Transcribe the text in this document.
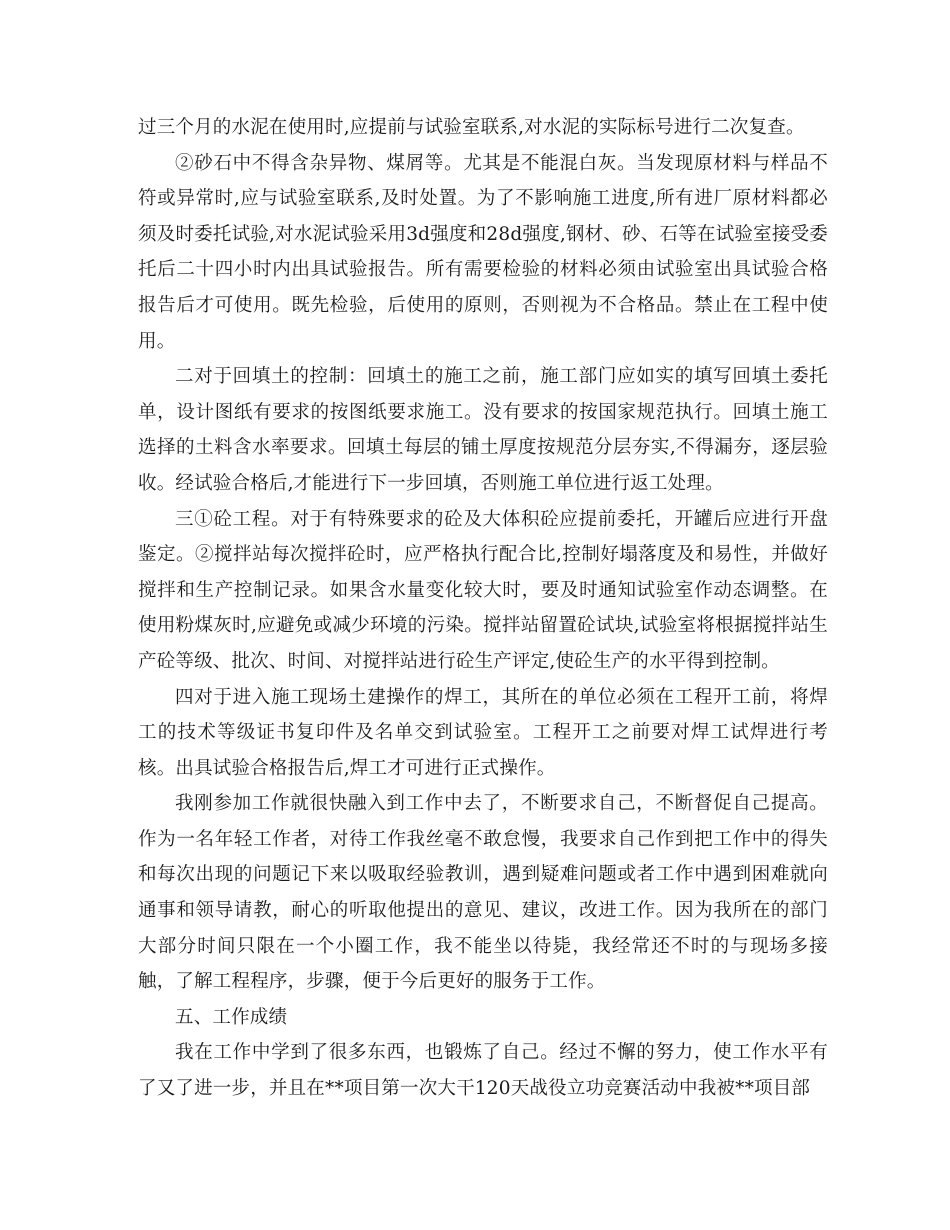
过三个月的水泥在使用时,应提前与试验室联系,对水泥的实际标号进行二次复查。

②砂石中不得含杂异物、煤屑等。尤其是不能混白灰。当发现原材料与样品不符或异常时,应与试验室联系,及时处置。为了不影响施工进度,所有进厂原材料都必须及时委托试验,对水泥试验采用3d强度和28d强度,钢材、砂、石等在试验室接受委托后二十四小时内出具试验报告。所有需要检验的材料必须由试验室出具试验合格报告后才可使用。既先检验，后使用的原则，否则视为不合格品。禁止在工程中使用。

二对于回填土的控制：回填土的施工之前，施工部门应如实的填写回填土委托单，设计图纸有要求的按图纸要求施工。没有要求的按国家规范执行。回填土施工选择的土料含水率要求。回填土每层的铺土厚度按规范分层夯实,不得漏夯，逐层验收。经试验合格后,才能进行下一步回填，否则施工单位进行返工处理。

三①砼工程。对于有特殊要求的砼及大体积砼应提前委托，开罐后应进行开盘鉴定。②搅拌站每次搅拌砼时，应严格执行配合比,控制好塌落度及和易性，并做好搅拌和生产控制记录。如果含水量变化较大时，要及时通知试验室作动态调整。在使用粉煤灰时,应避免或减少环境的污染。搅拌站留置砼试块,试验室将根据搅拌站生产砼等级、批次、时间、对搅拌站进行砼生产评定,使砼生产的水平得到控制。

四对于进入施工现场土建操作的焊工，其所在的单位必须在工程开工前，将焊工的技术等级证书复印件及名单交到试验室。工程开工之前要对焊工试焊进行考核。出具试验合格报告后,焊工才可进行正式操作。

我刚参加工作就很快融入到工作中去了，不断要求自己，不断督促自己提高。作为一名年轻工作者，对待工作我丝毫不敢怠慢，我要求自己作到把工作中的得失和每次出现的问题记下来以吸取经验教训，遇到疑难问题或者工作中遇到困难就向通事和领导请教，耐心的听取他提出的意见、建议，改进工作。因为我所在的部门大部分时间只限在一个小圈工作，我不能坐以待毙，我经常还不时的与现场多接触，了解工程程序，步骤，便于今后更好的服务于工作。

五、工作成绩

我在工作中学到了很多东西，也锻炼了自己。经过不懈的努力，使工作水平有了又了进一步，并且在**项目第一次大干120天战役立功竞赛活动中我被**项目部
